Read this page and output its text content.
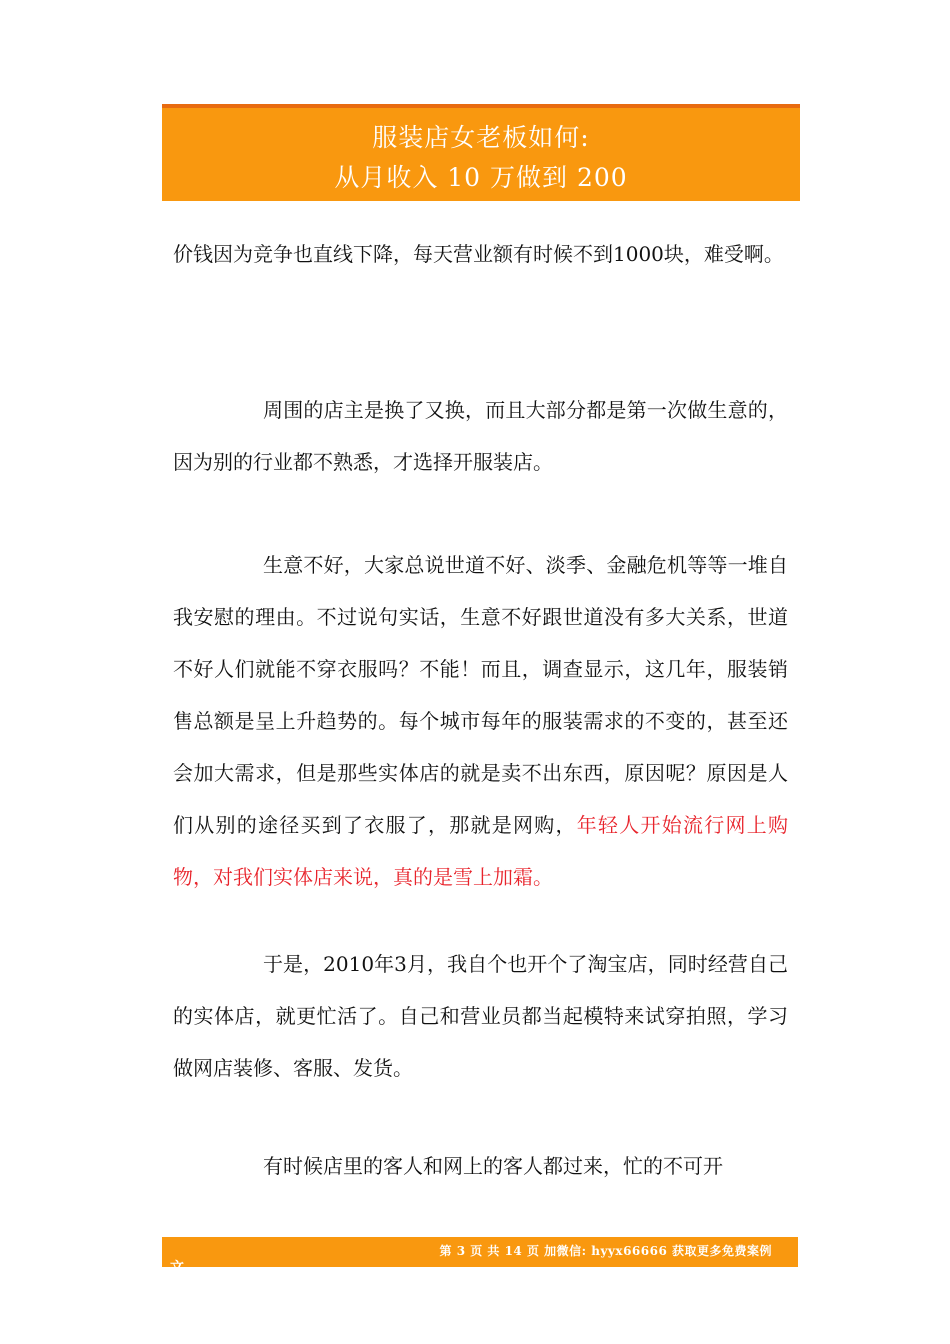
服装店女老板如何:
从月收入 10 万做到 200

价钱因为竞争也直线下降，每天营业额有时候不到1000块，难受啊。

周围的店主是换了又换，而且大部分都是第一次做生意的，因为别的行业都不熟悉，才选择开服装店。

生意不好，大家总说世道不好、淡季、金融危机等等一堆自我安慰的理由。不过说句实话，生意不好跟世道没有多大关系，世道不好人们就能不穿衣服吗？不能！而且，调查显示，这几年，服装销售总额是呈上升趋势的。每个城市每年的服装需求的不变的，甚至还会加大需求，但是那些实体店的就是卖不出东西，原因呢？原因是人们从别的途径买到了衣服了，那就是网购，年轻人开始流行网上购物，对我们实体店来说，真的是雪上加霜。

于是，2010年3月，我自个也开个了淘宝店，同时经营自己的实体店，就更忙活了。自己和营业员都当起模特来试穿拍照，学习做网店装修、客服、发货。

有时候店里的客人和网上的客人都过来，忙的不可开

第 3 页 共 14 页 加微信: hyyx66666 获取更多免费案例
文
